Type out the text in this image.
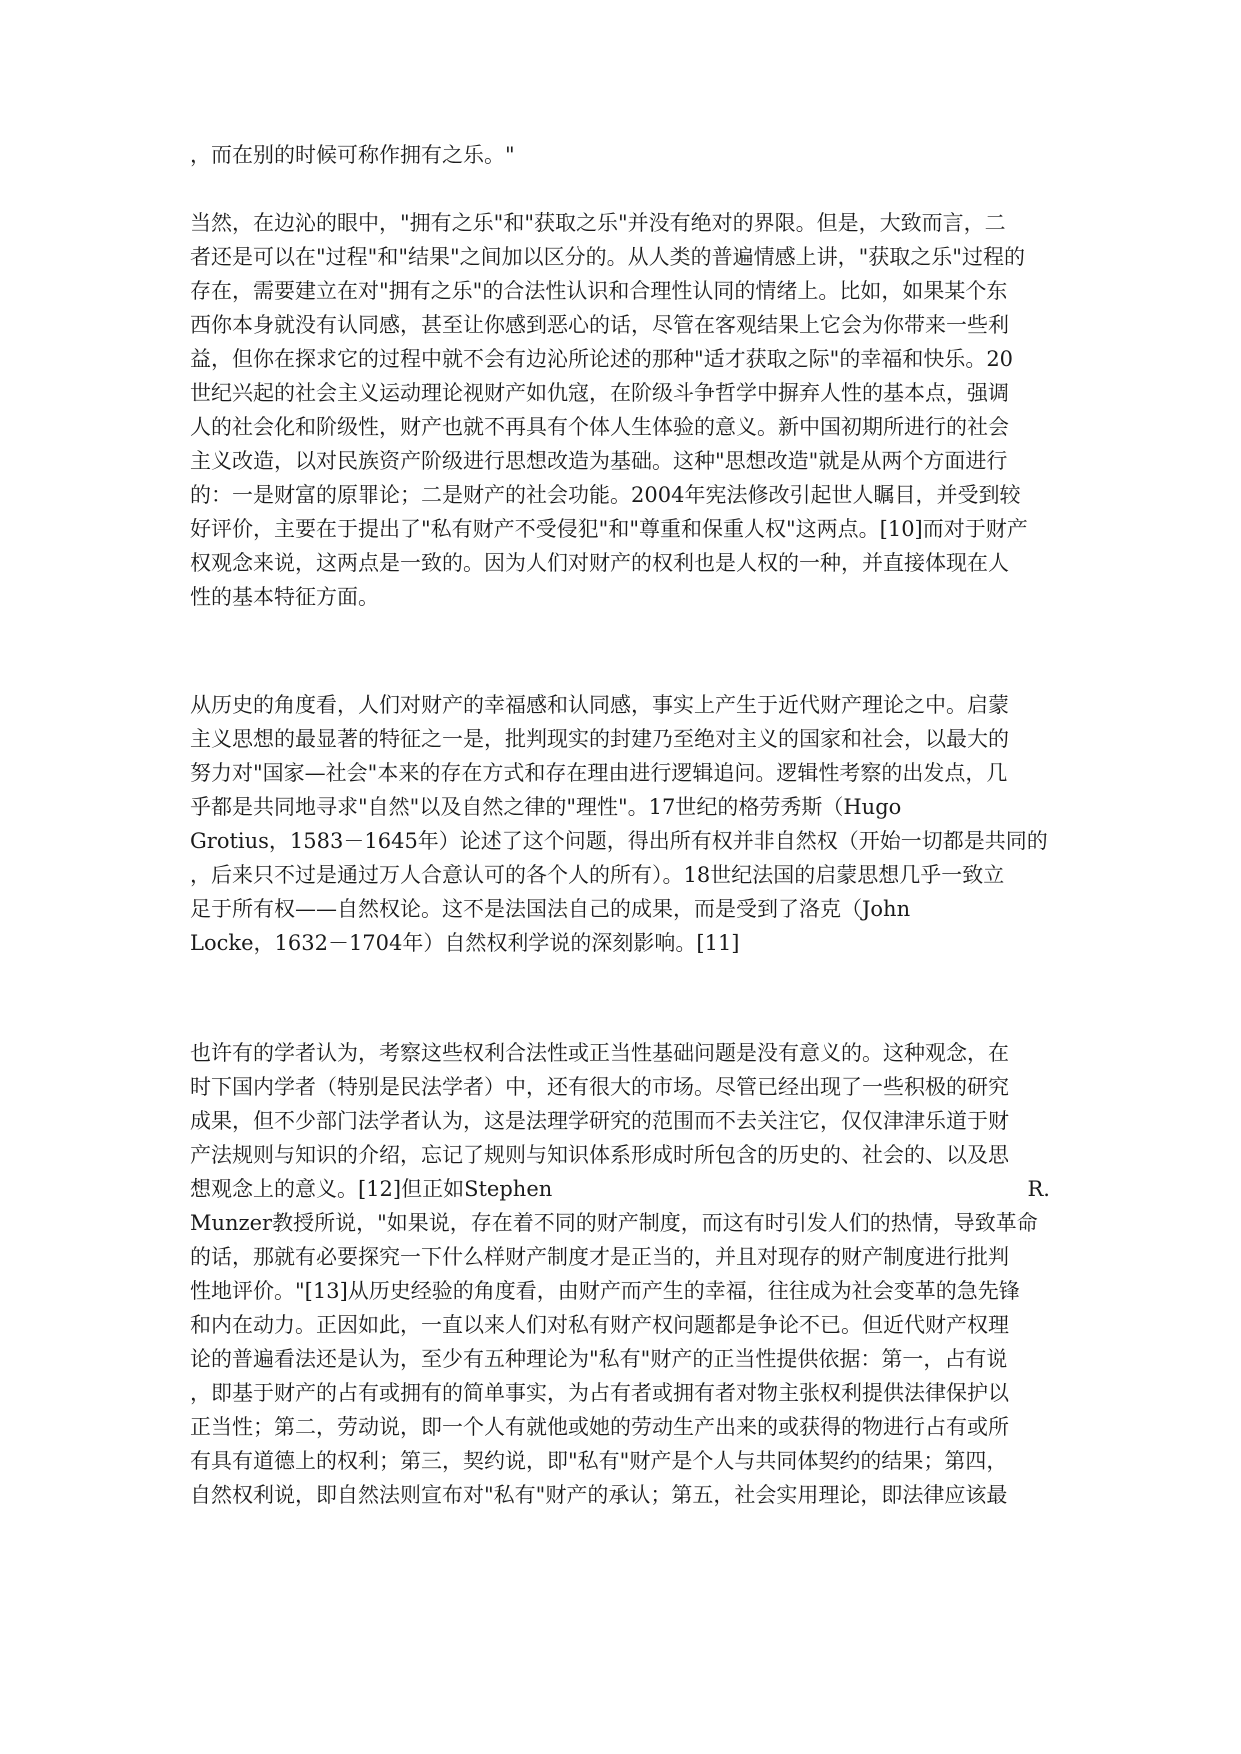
，而在别的时候可称作拥有之乐。"
当然，在边沁的眼中，"拥有之乐"和"获取之乐"并没有绝对的界限。但是，大致而言，二
者还是可以在"过程"和"结果"之间加以区分的。从人类的普遍情感上讲，"获取之乐"过程的
存在，需要建立在对"拥有之乐"的合法性认识和合理性认同的情绪上。比如，如果某个东
西你本身就没有认同感，甚至让你感到恶心的话，尽管在客观结果上它会为你带来一些利
益，但你在探求它的过程中就不会有边沁所论述的那种"适才获取之际"的幸福和快乐。20
世纪兴起的社会主义运动理论视财产如仇寇，在阶级斗争哲学中摒弃人性的基本点，强调
人的社会化和阶级性，财产也就不再具有个体人生体验的意义。新中国初期所进行的社会
主义改造，以对民族资产阶级进行思想改造为基础。这种"思想改造"就是从两个方面进行
的：一是财富的原罪论；二是财产的社会功能。2004年宪法修改引起世人瞩目，并受到较
好评价，主要在于提出了"私有财产不受侵犯"和"尊重和保重人权"这两点。[10]而对于财产
权观念来说，这两点是一致的。因为人们对财产的权利也是人权的一种，并直接体现在人
性的基本特征方面。
从历史的角度看，人们对财产的幸福感和认同感，事实上产生于近代财产理论之中。启蒙
主义思想的最显著的特征之一是，批判现实的封建乃至绝对主义的国家和社会，以最大的
努力对"国家—社会"本来的存在方式和存在理由进行逻辑追问。逻辑性考察的出发点，几
乎都是共同地寻求"自然"以及自然之律的"理性"。17世纪的格劳秀斯（Hugo
Grotius，1583－1645年）论述了这个问题，得出所有权并非自然权（开始一切都是共同的
，后来只不过是通过万人合意认可的各个人的所有）。18世纪法国的启蒙思想几乎一致立
足于所有权——自然权论。这不是法国法自己的成果，而是受到了洛克（John
Locke，1632－1704年）自然权利学说的深刻影响。[11]
也许有的学者认为，考察这些权利合法性或正当性基础问题是没有意义的。这种观念，在
时下国内学者（特别是民法学者）中，还有很大的市场。尽管已经出现了一些积极的研究
成果，但不少部门法学者认为，这是法理学研究的范围而不去关注它，仅仅津津乐道于财
产法规则与知识的介绍，忘记了规则与知识体系形成时所包含的历史的、社会的、以及思
想观念上的意义。[12]但正如Stephen	R.
Munzer教授所说，"如果说，存在着不同的财产制度，而这有时引发人们的热情，导致革命
的话，那就有必要探究一下什么样财产制度才是正当的，并且对现存的财产制度进行批判
性地评价。"[13]从历史经验的角度看，由财产而产生的幸福，往往成为社会变革的急先锋
和内在动力。正因如此，一直以来人们对私有财产权问题都是争论不已。但近代财产权理
论的普遍看法还是认为，至少有五种理论为"私有"财产的正当性提供依据：第一，占有说
，即基于财产的占有或拥有的简单事实，为占有者或拥有者对物主张权利提供法律保护以
正当性；第二，劳动说，即一个人有就他或她的劳动生产出来的或获得的物进行占有或所
有具有道德上的权利；第三，契约说，即"私有"财产是个人与共同体契约的结果；第四，
自然权利说，即自然法则宣布对"私有"财产的承认；第五，社会实用理论，即法律应该最
